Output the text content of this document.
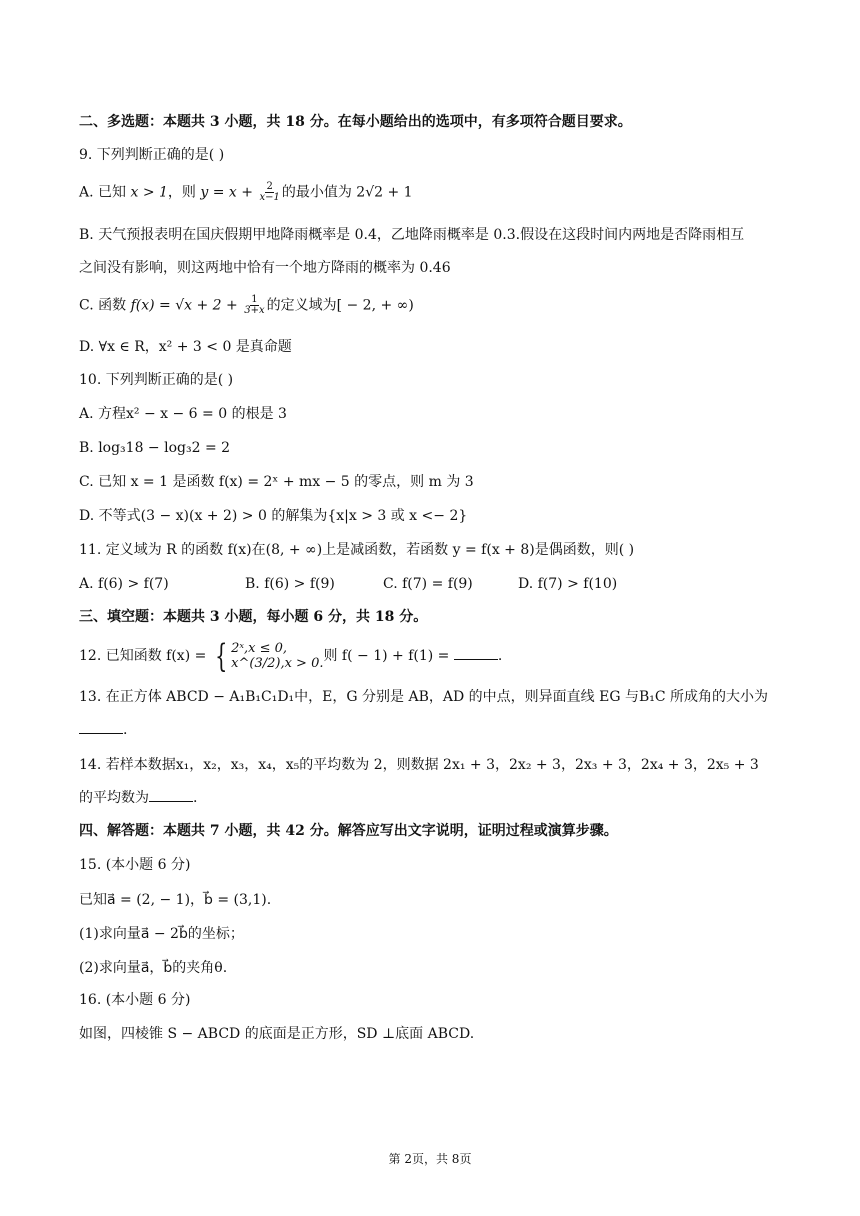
二、多选题：本题共 3 小题，共 18 分。在每小题给出的选项中，有多项符合题目要求。
9. 下列判断正确的是( )
A. 已知 x > 1，则 $y = x + \frac{2}{x-1}$ 的最小值为 2√2 + 1
B. 天气预报表明在国庆假期甲地降雨概率是 0.4，乙地降雨概率是 0.3.假设在这段时间内两地是否降雨相互
之间没有影响，则这两地中恰有一个地方降雨的概率为 0.46
C. 函数 $f(x) = √x + 2 + \frac{1}{3+x}$ 的定义域为[ − 2, + ∞)
D. ∀x ∈ R，x² + 3 < 0 是真命题
10. 下列判断正确的是( )
A. 方程x² − x − 6 = 0 的根是 3
B. log₃18 − log₃2 = 2
C. 已知 x = 1 是函数 f(x) = 2ˣ + mx − 5 的零点，则 m 为 3
D. 不等式(3 − x)(x + 2) > 0 的解集为{x|x > 3 或 x <− 2}
11. 定义域为 R 的函数 f(x)在(8, + ∞)上是减函数，若函数 y = f(x + 8)是偶函数，则( )
A. f(6) > f(7)	B. f(6) > f(9)	C. f(7) = f(9)	D. f(7) > f(10)
三、填空题：本题共 3 小题，每小题 6 分，共 18 分。
12. 已知函数 f(x) = { 2ˣ,x ≤ 0,
x^(3/2),x > 0. 则 f( − 1) + f(1) =	.
13. 在正方体 ABCD − A₁B₁C₁D₁中，E，G 分别是 AB，AD 的中点，则异面直线 EG 与B₁C 所成角的大小为
.
14. 若样本数据x₁，x₂，x₃，x₄，x₅的平均数为 2，则数据 2x₁ + 3，2x₂ + 3，2x₃ + 3，2x₄ + 3，2x₅ + 3
的平均数为	.
四、解答题：本题共 7 小题，共 42 分。解答应写出文字说明，证明过程或演算步骤。
15. (本小题 6 分)
已知a⃗ = (2, − 1)，b⃗ = (3,1).
(1)求向量a⃗ − 2b⃗的坐标；
(2)求向量a⃗，b⃗的夹角θ.
16. (本小题 6 分)
如图，四棱锥 S − ABCD 的底面是正方形，SD ⊥底面 ABCD.
第 2页，共 8页
